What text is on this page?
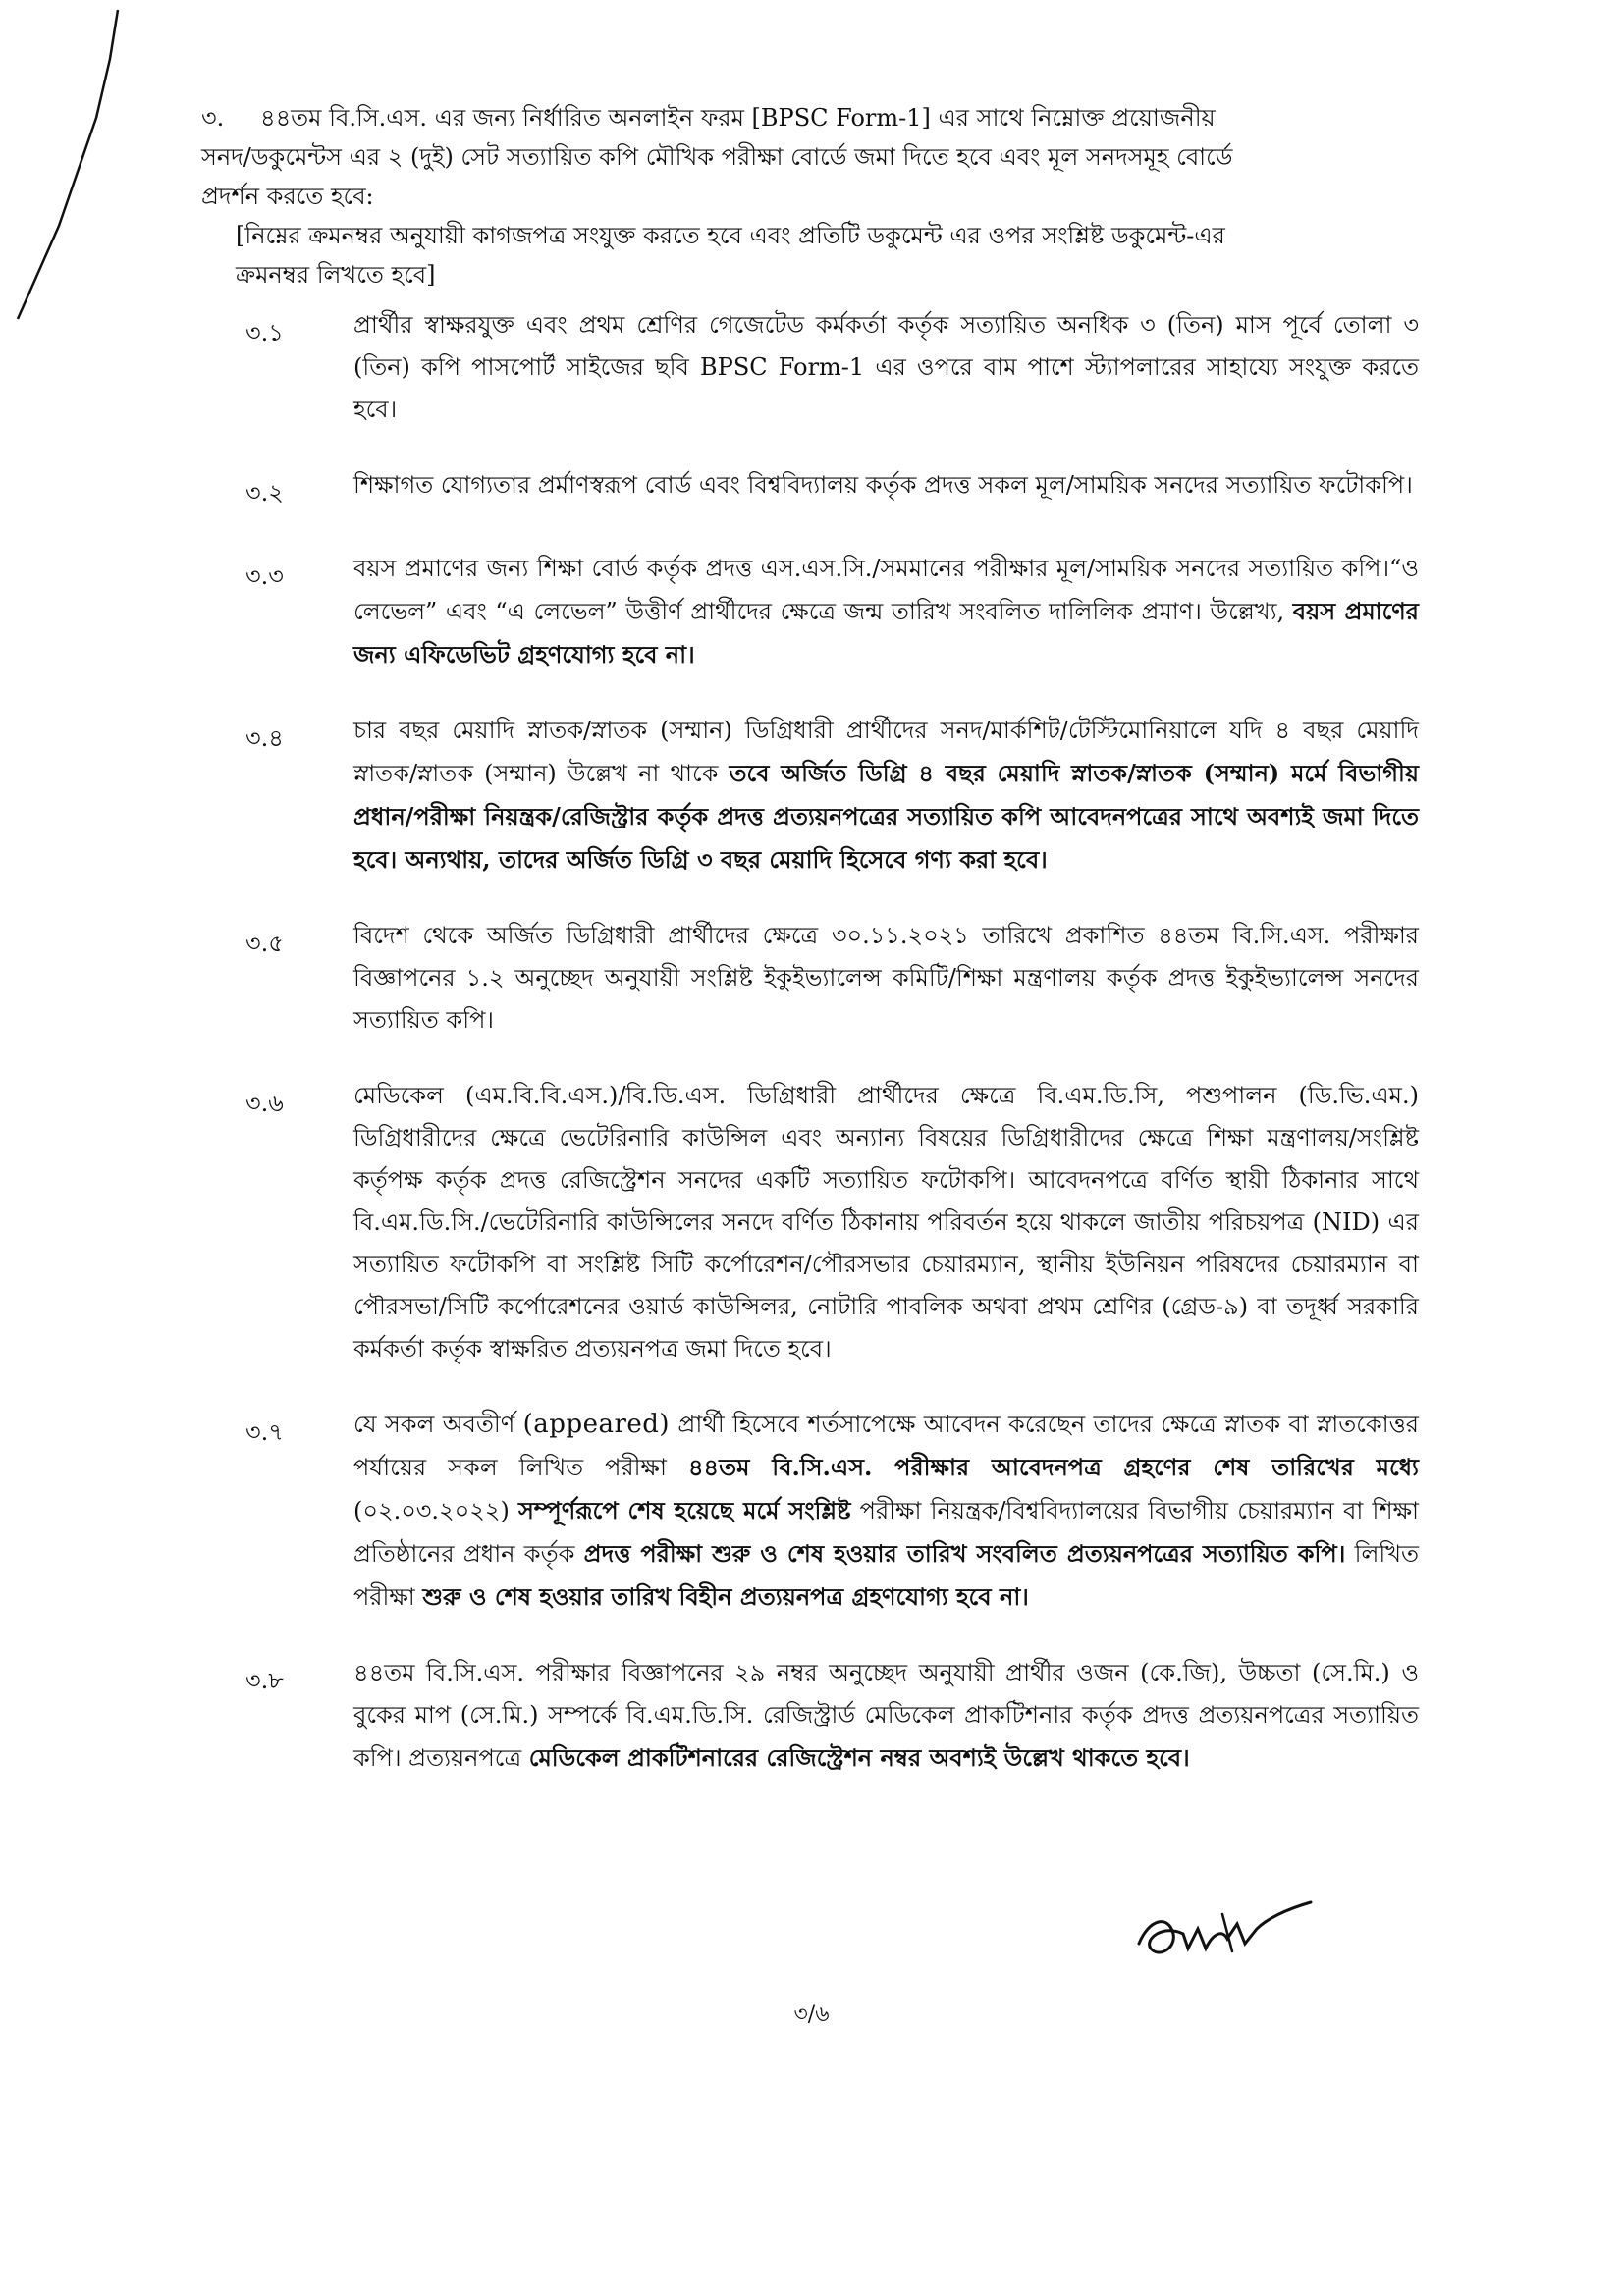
৩. ৪৪তম বি.সি.এস. এর জন্য নির্ধারিত অনলাইন ফরম [BPSC Form-1] এর সাথে নিম্নোক্ত প্রয়োজনীয়
সনদ/ডকুমেন্টস এর ২ (দুই) সেট সত্যায়িত কপি মৌখিক পরীক্ষা বোর্ডে জমা দিতে হবে এবং মূল সনদসমূহ বোর্ডে
প্রদর্শন করতে হবে:
[নিম্নের ক্রমনম্বর অনুযায়ী কাগজপত্র সংযুক্ত করতে হবে এবং প্রতিটি ডকুমেন্ট এর ওপর সংশ্লিষ্ট ডকুমেন্ট-এর
ক্রমনম্বর লিখতে হবে]
৩.১	প্রার্থীর স্বাক্ষরযুক্ত এবং প্রথম শ্রেণির গেজেটেড কর্মকর্তা কর্তৃক সত্যায়িত অনধিক ৩ (তিন) মাস পূর্বে তোলা ৩ (তিন) কপি পাসপোর্ট সাইজের ছবি BPSC Form-1 এর ওপরে বাম পাশে স্ট্যাপলারের সাহায্যে সংযুক্ত করতে হবে।
৩.২	শিক্ষাগত যোগ্যতার প্রর্মাণস্বরূপ বোর্ড এবং বিশ্ববিদ্যালয় কর্তৃক প্রদত্ত সকল মূল/সাময়িক সনদের সত্যায়িত ফটোকপি।
৩.৩	বয়স প্রমাণের জন্য শিক্ষা বোর্ড কর্তৃক প্রদত্ত এস.এস.সি./সমমানের পরীক্ষার মূল/সাময়িক সনদের সত্যায়িত কপি।“ও লেভেল” এবং “এ লেভেল” উত্তীর্ণ প্রার্থীদের ক্ষেত্রে জন্ম তারিখ সংবলিত দালিলিক প্রমাণ। উল্লেখ্য, বয়স প্রমাণের জন্য এফিডেভিট গ্রহণযোগ্য হবে না।
৩.৪	চার বছর মেয়াদি স্নাতক/স্নাতক (সম্মান) ডিগ্রিধারী প্রার্থীদের সনদ/মার্কশিট/টেস্টিমোনিয়ালে যদি ৪ বছর মেয়াদি স্নাতক/স্নাতক (সম্মান) উল্লেখ না থাকে তবে অর্জিত ডিগ্রি ৪ বছর মেয়াদি স্নাতক/স্নাতক (সম্মান) মর্মে বিভাগীয় প্রধান/পরীক্ষা নিয়ন্ত্রক/রেজিস্ট্রার কর্তৃক প্রদত্ত প্রত্যয়নপত্রের সত্যায়িত কপি আবেদনপত্রের সাথে অবশ্যই জমা দিতে হবে। অন্যথায়, তাদের অর্জিত ডিগ্রি ৩ বছর মেয়াদি হিসেবে গণ্য করা হবে।
৩.৫	বিদেশ থেকে অর্জিত ডিগ্রিধারী প্রার্থীদের ক্ষেত্রে ৩০.১১.২০২১ তারিখে প্রকাশিত ৪৪তম বি.সি.এস. পরীক্ষার বিজ্ঞাপনের ১.২ অনুচ্ছেদ অনুযায়ী সংশ্লিষ্ট ইকুইভ্যালেন্স কমিটি/শিক্ষা মন্ত্রণালয় কর্তৃক প্রদত্ত ইকুইভ্যালেন্স সনদের সত্যায়িত কপি।
৩.৬	মেডিকেল (এম.বি.বি.এস.)/বি.ডি.এস. ডিগ্রিধারী প্রার্থীদের ক্ষেত্রে বি.এম.ডি.সি, পশুপালন (ডি.ভি.এম.) ডিগ্রিধারীদের ক্ষেত্রে ভেটেরিনারি কাউন্সিল এবং অন্যান্য বিষয়ের ডিগ্রিধারীদের ক্ষেত্রে শিক্ষা মন্ত্রণালয়/সংশ্লিষ্ট কর্তৃপক্ষ কর্তৃক প্রদত্ত রেজিস্ট্রেশন সনদের একটি সত্যায়িত ফটোকপি। আবেদনপত্রে বর্ণিত স্থায়ী ঠিকানার সাথে বি.এম.ডি.সি./ভেটেরিনারি কাউন্সিলের সনদে বর্ণিত ঠিকানায় পরিবর্তন হয়ে থাকলে জাতীয় পরিচয়পত্র (NID) এর সত্যায়িত ফটোকপি বা সংশ্লিষ্ট সিটি কর্পোরেশন/পৌরসভার চেয়ারম্যান, স্থানীয় ইউনিয়ন পরিষদের চেয়ারম্যান বা পৌরসভা/সিটি কর্পোরেশনের ওয়ার্ড কাউন্সিলর, নোটারি পাবলিক অথবা প্রথম শ্রেণির (গ্রেড-৯) বা তদূর্ধ্ব সরকারি কর্মকর্তা কর্তৃক স্বাক্ষরিত প্রত্যয়নপত্র জমা দিতে হবে।
৩.৭	যে সকল অবতীর্ণ (appeared) প্রার্থী হিসেবে শর্তসাপেক্ষে আবেদন করেছেন তাদের ক্ষেত্রে স্নাতক বা স্নাতকোত্তর পর্যায়ের সকল লিখিত পরীক্ষা ৪৪তম বি.সি.এস. পরীক্ষার আবেদনপত্র গ্রহণের শেষ তারিখের মধ্যে (০২.০৩.২০২২) সম্পূর্ণরূপে শেষ হয়েছে মর্মে সংশ্লিষ্ট পরীক্ষা নিয়ন্ত্রক/বিশ্ববিদ্যালয়ের বিভাগীয় চেয়ারম্যান বা শিক্ষা প্রতিষ্ঠানের প্রধান কর্তৃক প্রদত্ত পরীক্ষা শুরু ও শেষ হওয়ার তারিখ সংবলিত প্রত্যয়নপত্রের সত্যায়িত কপি। লিখিত পরীক্ষা শুরু ও শেষ হওয়ার তারিখ বিহীন প্রত্যয়নপত্র গ্রহণযোগ্য হবে না।
৩.৮	৪৪তম বি.সি.এস. পরীক্ষার বিজ্ঞাপনের ২৯ নম্বর অনুচ্ছেদ অনুযায়ী প্রার্থীর ওজন (কে.জি), উচ্চতা (সে.মি.) ও বুকের মাপ (সে.মি.) সম্পর্কে বি.এম.ডি.সি. রেজিস্ট্রার্ড মেডিকেল প্রাকটিশনার কর্তৃক প্রদত্ত প্রত্যয়নপত্রের সত্যায়িত কপি। প্রত্যয়নপত্রে মেডিকেল প্রাকটিশনারের রেজিস্ট্রেশন নম্বর অবশ্যই উল্লেখ থাকতে হবে।
৩/৬
